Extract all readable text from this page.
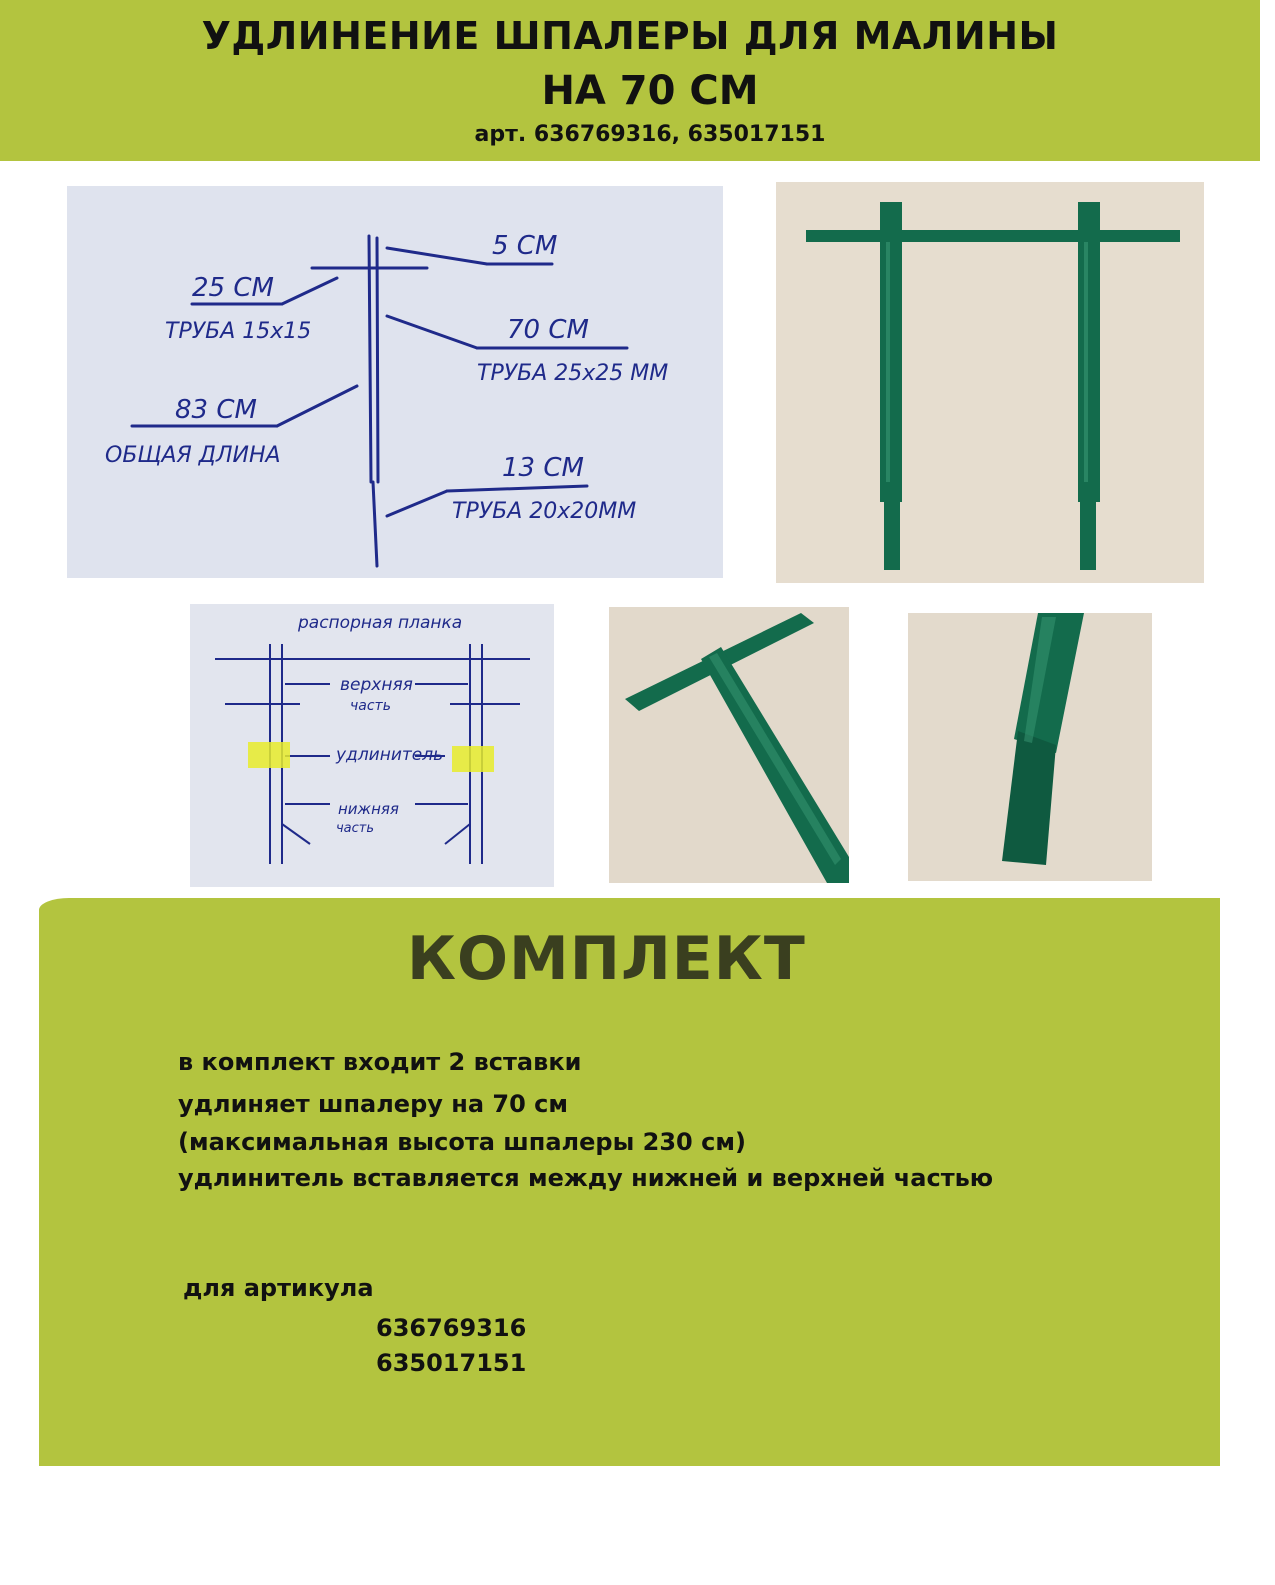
УДЛИНЕНИЕ ШПАЛЕРЫ ДЛЯ МАЛИНЫ
НА 70 СМ
арт. 636769316, 635017151
5 СМ
25 СМ
ТРУБА 15х15	70 СМ
ТРУБА 25х25 ММ
83 СМ
ОБЩАЯ ДЛИНА	13 СМ
ТРУБА 20х20ММ
распорная планка
верхняя
часть
удлинитель
нижняя
часть
КОМПЛЕКТ
в комплект входит 2 вставки
удлиняет шпалеру на 70 см
(максимальная высота шпалеры 230 см)
удлинитель вставляется между нижней и верхней частью
для артикула
636769316
635017151
